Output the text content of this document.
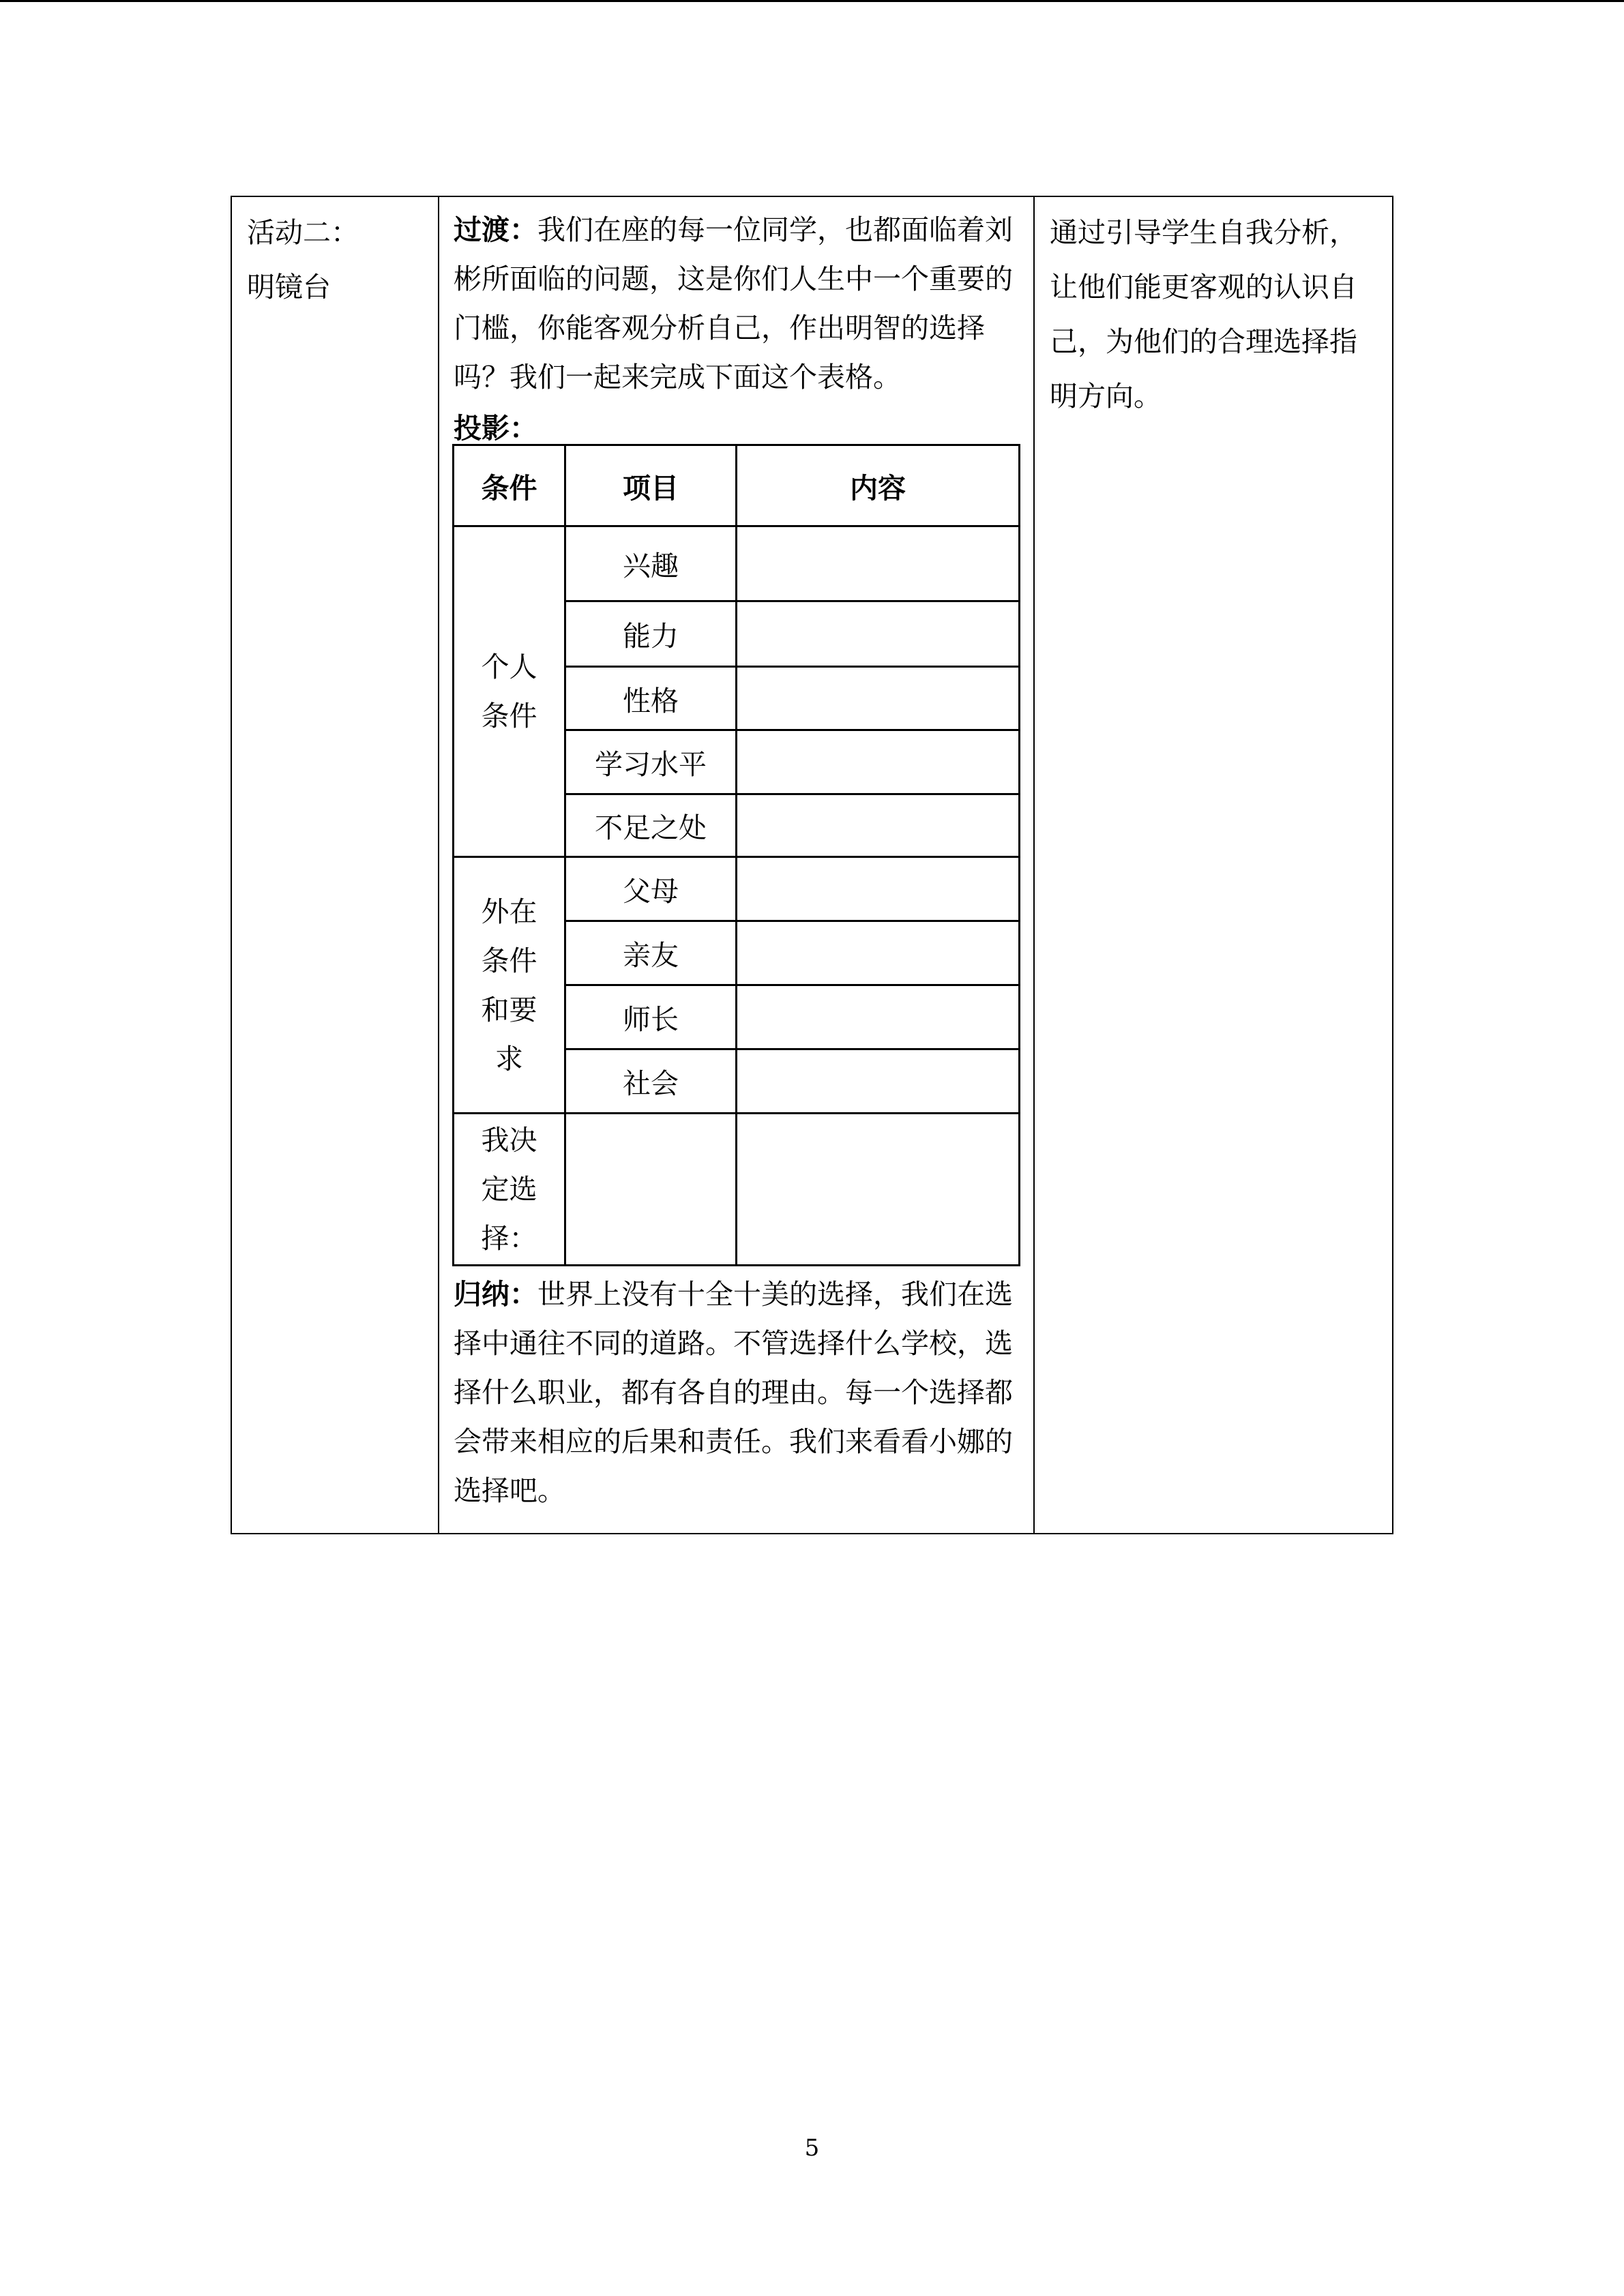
活动二：
明镜台
过渡：我们在座的每一位同学，也都面临着刘彬所面临的问题，这是你们人生中一个重要的门槛，你能客观分析自己，作出明智的选择吗？我们一起来完成下面这个表格。
投影：
条件	项目	内容

个人条件	兴趣	
	能力	
	性格	
	学习水平	
	不足之处	

外在条件和要求	父母	
	亲友	
	师长	
	社会	

我决定选择：		

归纳：世界上没有十全十美的选择，我们在选择中通往不同的道路。不管选择什么学校，选择什么职业，都有各自的理由。每一个选择都会带来相应的后果和责任。我们来看看小娜的选择吧。
通过引导学生自我分析，让他们能更客观的认识自己，为他们的合理选择指明方向。
5
